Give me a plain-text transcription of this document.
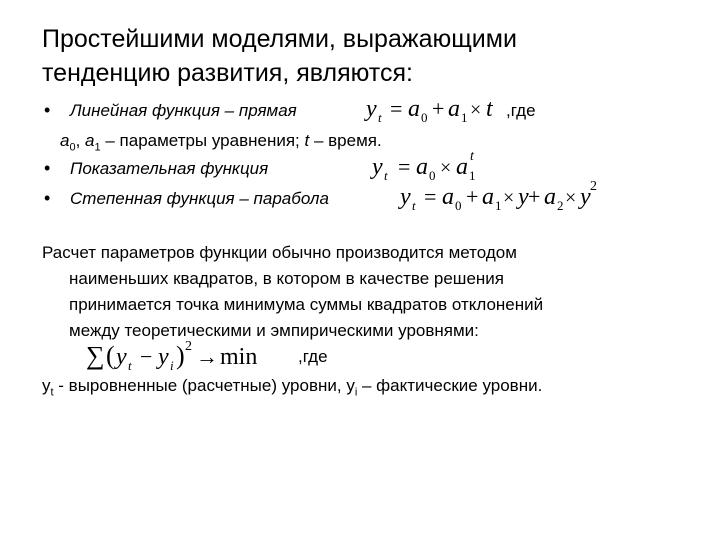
Простейшими моделями, выражающими
тенденцию развития, являются:
• Линейная функция – прямая	y t = a 0 + a 1 × t ,где
$a_0$, $a_1$ – параметры уравнения; t – время.
• Показательная функция	y t = a 0 × a 1
t
• Степенная функция – парабола	y t = a 0 + a 1 × y + a 2 × y 2
Расчет параметров функции обычно производится методом
наименьших квадратов, в котором в качестве решения
принимается точка минимума суммы квадратов отклонений
между теоретическими и эмпирическими уровнями:
∑ ( y t − y i ) 2 → min ,где
$y_t$ - выровненные (расчетные) уровни, $y_i$ – фактические уровни.
